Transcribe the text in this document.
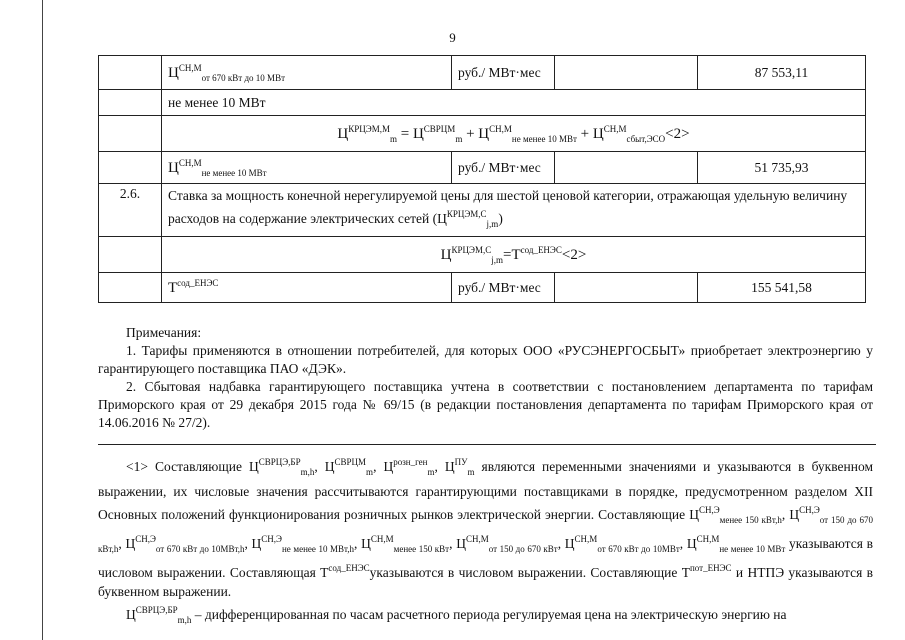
9
	$Ц^{СН,М}_{от 670 кВт до 10 МВт}$	руб./ МВт·мес		87 553,11
	не менее 10 МВт			
	$Ц^{КРЦЭМ,М}_m = Ц^{СВРЦМ}_m + Ц^{СН,М}_{не менее 10 МВт} + Ц^{СН,М}_{сбыт,ЭСО}<2>$			
	$Ц^{СН,М}_{не менее 10 МВт}$	руб./ МВт·мес		51 735,93
2.6.	Ставка за мощность конечной нерегулируемой цены для шестой ценовой категории, отражающая удельную величину расходов на содержание электрических сетей $(Ц^{КРЦЭМ,С}_{j,m})$			
	$Ц^{КРЦЭМ,С}_{j,m}=Т^{сод\_ЕНЭС}<2>$			
	$Т^{сод\_ЕНЭС}$	руб./ МВт·мес		155 541,58

Примечания:

1. Тарифы применяются в отношении потребителей, для которых ООО «РУСЭНЕРГОСБЫТ» приобретает электроэнергию у гарантирующего поставщика ПАО «ДЭК».

2. Сбытовая надбавка гарантирующего поставщика учтена в соответствии с постановлением департамента по тарифам Приморского края от 29 декабря 2015 года № 69/15 (в редакции постановления департамента по тарифам Приморского края от 14.06.2016 № 27/2).

<1> Составляющие $Ц^{СВРЦЭ,БР}_{m,h}$, $Ц^{СВРЦМ}_m$, $Ц^{розн\_ген}_m$, $Ц^{ПУ}_m$ являются переменными значениями и указываются в буквенном выражении, их числовые значения рассчитываются гарантирующими поставщиками в порядке, предусмотренном разделом XII Основных положений функционирования розничных рынков электрической энергии. Составляющие $Ц^{СН,Э}_{менее 150 кВт,h}$, $Ц^{СН,Э}_{от 150 до 670 кВт,h}$, $Ц^{СН,Э}_{от 670 кВт до 10МВт,h}$, $Ц^{СН,Э}_{не менее 10 МВт,h}$, $Ц^{СН,М}_{менее 150 кВт}$, $Ц^{СН,М}_{от 150 до 670 кВт}$, $Ц^{СН,М}_{от 670 кВт до 10МВт}$, $Ц^{СН,М}_{не менее 10 МВт}$ указываются в числовом выражении. Составляющая $Т^{сод\_ЕНЭС}указываются$ в числовом выражении. Составляющие $Т^{пот\_ЕНЭС}$ и НТПЭ указываются в буквенном выражении.

$Ц^{СВРЦЭ,БР}_{m,h}$ – дифференцированная по часам расчетного периода регулируемая цена на электрическую энергию на
